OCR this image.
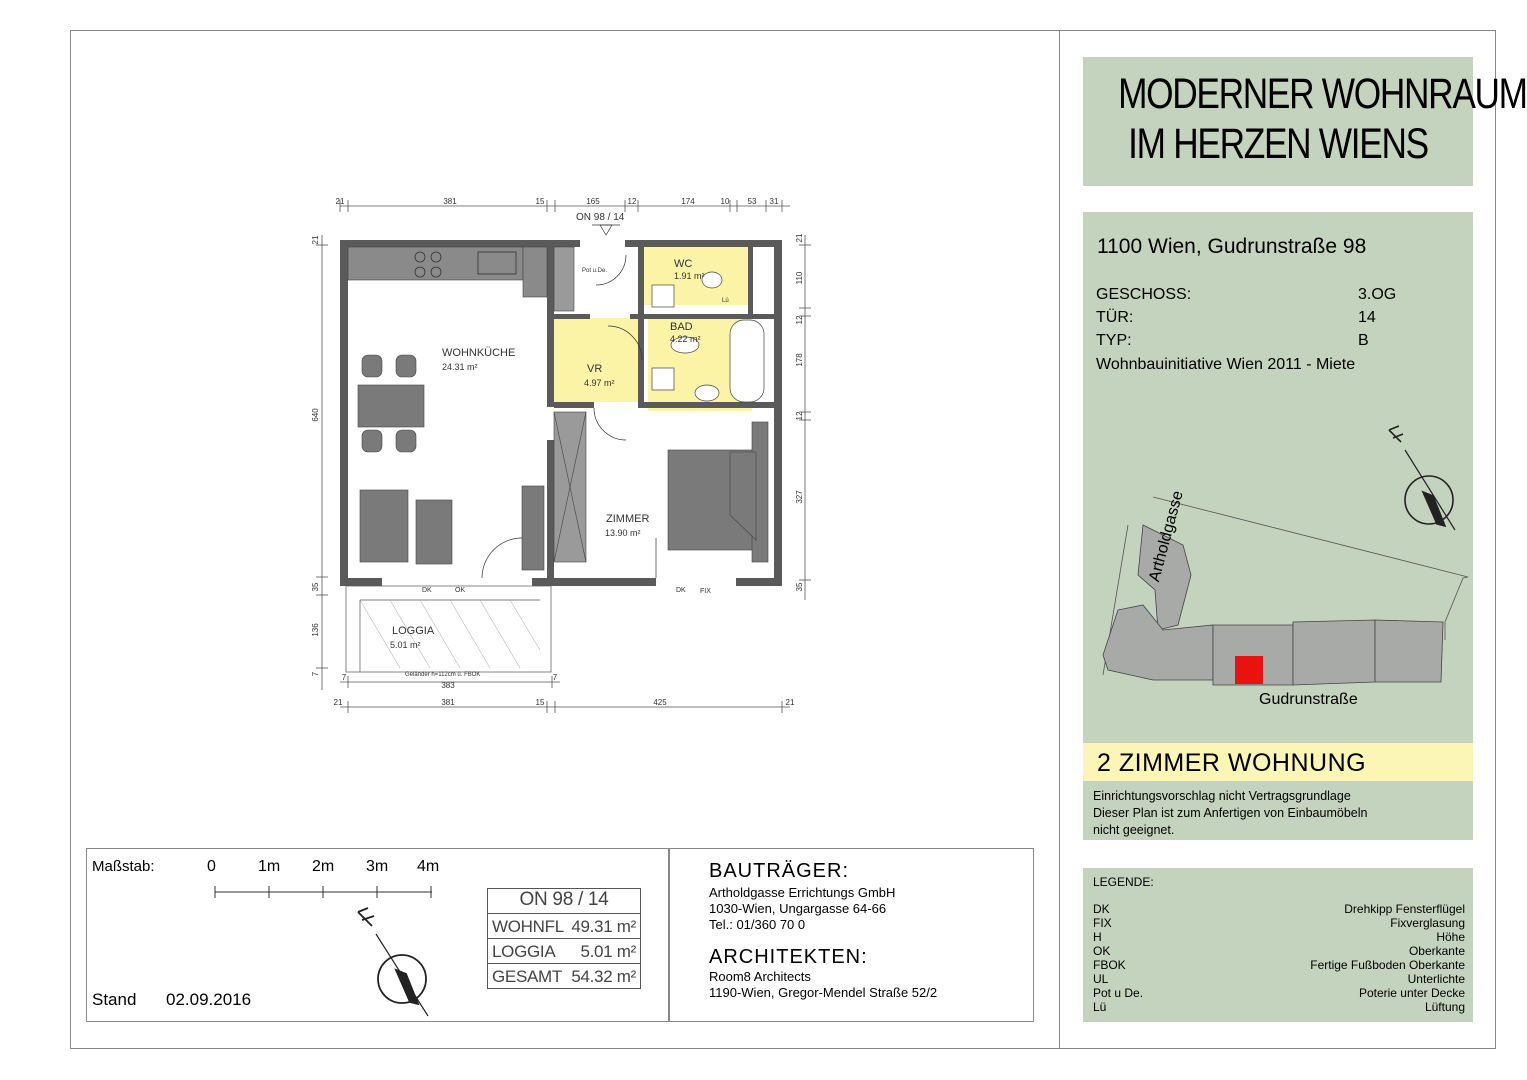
21	381	15	165	12	174	10 53 31
7
383
7
21	381	15	425	21
21
640
35
136
7
21
110
12
178
12
327
35
WOHNKÜCHE
24.31 m²	VR
4.97 m²
WC
1.91 m²
BAD
4.22 m²
ZIMMER
13.90 m²
LOGGIA
5.01 m²
ON 98 / 14
Pot u.De.
DK	OK	DK FIX
Geländer h=112cm ü. FBOK
Lü
MODERNER WOHNRAUM
IM HERZEN WIENS
1100 Wien, Gudrunstraße 98
GESCHOSS:	3.OG
TÜR:	14
TYP:	B
Wohnbauinitiative Wien 2011 - Miete
Artholdgasse
Gudrunstraße
2 ZIMMER WOHNUNG
Einrichtungsvorschlag nicht Vertragsgrundlage
Dieser Plan ist zum Anfertigen von Einbaumöbeln
nicht geeignet.
LEGENDE:
DK	Drehkipp Fensterflügel
FIX	Fixverglasung
H	Höhe
OK	Oberkante
FBOK	Fertige Fußboden Oberkante
UL	Unterlichte
Pot u De.	Poterie unter Decke
Lü	Lüftung
Maßstab:	0	1m 2m 3m 4m
Stand 02.09.2016
ON 98 / 14
WOHNFL 49.31 m²
LOGGIA 5.01 m²
GESAMT 54.32 m²
BAUTRÄGER:
Artholdgasse Errichtungs GmbH
1030-Wien, Ungargasse 64-66
Tel.: 01/360 70 0
ARCHITEKTEN:
Room8 Architects
1190-Wien, Gregor-Mendel Straße 52/2
